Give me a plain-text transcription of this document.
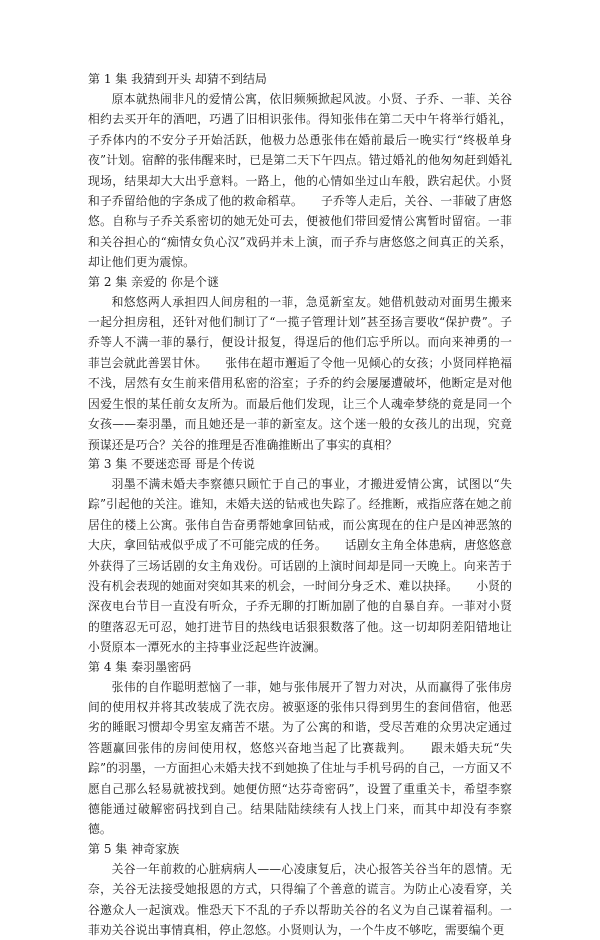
第 1 集 我猜到开头 却猜不到结局

原本就热闹非凡的爱情公寓，依旧频频掀起风波。小贤、子乔、一菲、关谷相约去买开年的酒吧，巧遇了旧相识张伟。得知张伟在第二天中午将举行婚礼，子乔体内的不安分子开始活跃，他极力怂恿张伟在婚前最后一晚实行“终极单身夜”计划。宿醉的张伟醒来时，已是第二天下午四点。错过婚礼的他匆匆赶到婚礼现场，结果却大大出乎意料。一路上，他的心情如坐过山车般，跌宕起伏。小贤和子乔留给他的字条成了他的救命稻草。　　子乔等人走后，关谷、一菲破了唐悠悠。自称与子乔关系密切的她无处可去，便被他们带回爱情公寓暂时留宿。一菲和关谷担心的“痴情女负心汉”戏码并未上演，而子乔与唐悠悠之间真正的关系，却让他们更为震惊。

第 2 集 亲爱的 你是个谜

和悠悠两人承担四人间房租的一菲，急觅新室友。她借机鼓动对面男生搬来一起分担房租，还针对他们制订了“一揽子管理计划”甚至扬言要收“保护费”。子乔等人不满一菲的暴行，便设计报复，得逞后的他们忘乎所以。而向来神勇的一菲岂会就此善罢甘休。　　张伟在超市邂逅了令他一见倾心的女孩；小贤同样艳福不浅，居然有女生前来借用私密的浴室；子乔的约会屡屡遭破坏，他断定是对他因爱生恨的某任前女友所为。而最后他们发现，让三个人魂牵梦绕的竟是同一个女孩——秦羽墨，而且她还是一菲的新室友。这个迷一般的女孩儿的出现，究竟预谋还是巧合？关谷的推理是否准确推断出了事实的真相？

第 3 集 不要迷恋哥 哥是个传说

羽墨不满未婚夫李察德只顾忙于自己的事业，才搬进爱情公寓，试图以“失踪”引起他的关注。谁知，未婚夫送的钻戒也失踪了。经推断，戒指应落在她之前居住的楼上公寓。张伟自告奋勇帮她拿回钻戒，而公寓现在的住户是凶神恶煞的大庆，拿回钻戒似乎成了不可能完成的任务。　　话剧女主角全体患病，唐悠悠意外获得了三场话剧的女主角戏份。可话剧的上演时间却是同一天晚上。向来苦于没有机会表现的她面对突如其来的机会，一时间分身乏术、难以抉择。　　小贤的深夜电台节目一直没有听众，子乔无聊的打断加剧了他的自暴自弃。一菲对小贤的堕落忍无可忍，她打进节目的热线电话狠狠数落了他。这一切却阴差阳错地让小贤原本一潭死水的主持事业泛起些许波澜。

第 4 集 秦羽墨密码

张伟的自作聪明惹恼了一菲，她与张伟展开了智力对决，从而赢得了张伟房间的使用权并将其改装成了洗衣房。被驱逐的张伟只得到男生的套间借宿，他恶劣的睡眠习惯却令男室友痛苦不堪。为了公寓的和谐，受尽苦难的众男决定通过答题赢回张伟的房间使用权，悠悠兴奋地当起了比赛裁判。　　跟未婚夫玩“失踪”的羽墨，一方面担心未婚夫找不到她换了住址与手机号码的自己，一方面又不愿自己那么轻易就被找到。她便仿照“达芬奇密码”，设置了重重关卡，希望李察德能通过破解密码找到自己。结果陆陆续续有人找上门来，而其中却没有李察德。

第 5 集 神奇家族

关谷一年前救的心脏病病人——心凌康复后，决心报答关谷当年的恩情。无奈，关谷无法接受她报恩的方式，只得编了个善意的谎言。为防止心凌看穿，关谷邀众人一起演戏。惟恐天下不乱的子乔以帮助关谷的名义为自己谋着福利。一菲劝关谷说出事情真相，停止忽悠。小贤则认为，一个牛皮不够吃，需要编个更
